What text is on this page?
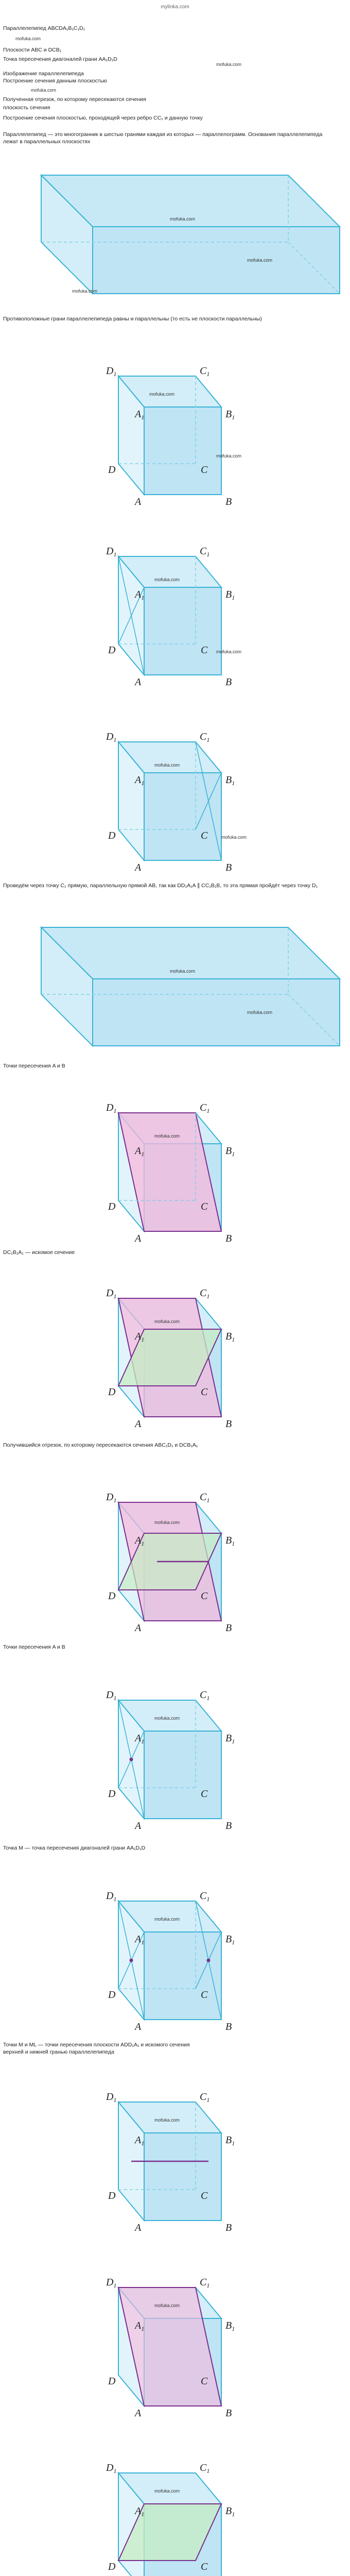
mylinka.com
Параллелепипед ABCDA₁B₁C₁D₁
Плоскости ABC и DCB₁
Точка пересечения диагоналей грани AA₁D₁D
Изображение параллелепипеда
Построение сечения данным плоскостью
Полученная отрезок, по которому пересекаются сечения
плоскость сечения
Построение сечения плоскостью, проходящей через ребро CC₁ и данную точку
Параллелепипед — это многогранник в шестью гранями каждая из которых — параллелограмм. Основания параллелепипеда лежат в параллельных плоскостях
Противоположные грани параллелепипеда равны и параллельны (то есть не плоскости параллельны)
$D_1$	$C_1$
$A_1$	$B_1$
D	C
A	B
$D_1$	$C_1$
$A_1$	$B_1$
D	C
A	B
$D_1$	$C_1$
$A_1$	$B_1$
D	C
A	B
Проведём через точку C₁ прямую, параллельную прямой AB, так как DD₁A₁A ∥ CC₁B₁B, то эта прямая пройдёт через точку D₁
Точки пересечения A и B
$D_1$	$C_1$
$A_1$	$B_1$
D	C
A	B
DC₁B₁A₁ — искомое сечение
$D_1$	$C_1$
$A_1$	$B_1$
D	C
A	B
Получившийся отрезок, по которому пересекаются сечения ABC₁D₁ и DCB₁A₁
$D_1$	$C_1$
$A_1$	$B_1$
D	C
A	B
Точки пересечения A и B
$D_1$	$C_1$
$A_1$	$B_1$
D	C
A	B
Точка M — точка пересечения диагоналей грани AA₁D₁D
$D_1$	$C_1$
$A_1$	$B_1$
D	C
A	B
Точки M и ML — точки пересечения плоскости ADD₁A₁ и искомого сечения
верхней и нижней гранью параллелепипеда
$D_1$	$C_1$
$A_1$	$B_1$
D	C
A	B
$D_1$	$C_1$
$A_1$	$B_1$
D	C
A	B
$D_1$	$C_1$
$A_1$	$B_1$
D	C
mofuka.com
mofuka.com
mofuka.com
mofuka.com
mofuka.com
mofuka.com
mofuka.com
mofuka.com
mofuka.com
mofuka.com
mofuka.com
mofuka.com
mofuka.com
mofuka.com
mofuka.com
mofuka.com
mofuka.com
mofuka.com
mofuka.com
mofuka.com
mofuka.com
mofuka.com
